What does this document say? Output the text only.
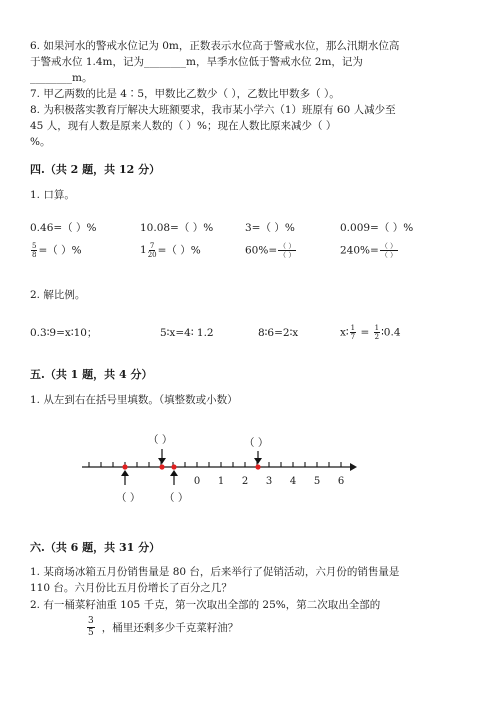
6. 如果河水的警戒水位记为 0m，正数表示水位高于警戒水位，那么汛期水位高
于警戒水位 1.4m，记为________m，旱季水位低于警戒水位 2m，记为
________m。
7. 甲乙两数的比是 4∶5，甲数比乙数少（ ），乙数比甲数多（ ）。
8. 为积极落实教育厅解决大班额要求，我市某小学六（1）班原有 60 人减少至
45 人，现有人数是原来人数的（ ）%；现在人数比原来减少（ ）
%。
四.（共 2 题，共 12 分）
1. 口算。
0.46=（ ）%	10.08=（ ）%	3=（ ）%	0.009=（ ）%
$\frac{5}{8}$ =（ ）%	$1 \frac{7}{20}$ =（ ）%	$60\%= \frac{( )}{( )}$	$240\%= \frac{( )}{( )}$
2. 解比例。
0.3∶9=x∶10；	5∶x=4∶ 1.2	8∶6=2∶x	x∶ $\frac{1}{7} = \frac{1}{2}$ ∶0.4
五.（共 1 题，共 4 分）
1. 从左到右在括号里填数。（填整数或小数）
（ ）	（ ）
（ ） （ ）
0 1 2 3 4 5 6
六.（共 6 题，共 31 分）
1. 某商场冰箱五月份销售量是 80 台，后来举行了促销活动，六月份的销售量是
110 台。六月份比五月份增长了百分之几？
2. 有一桶菜籽油重 105 千克，第一次取出全部的 25%，第二次取出全部的
$\frac{3}{5}$ ，桶里还剩多少千克菜籽油？
